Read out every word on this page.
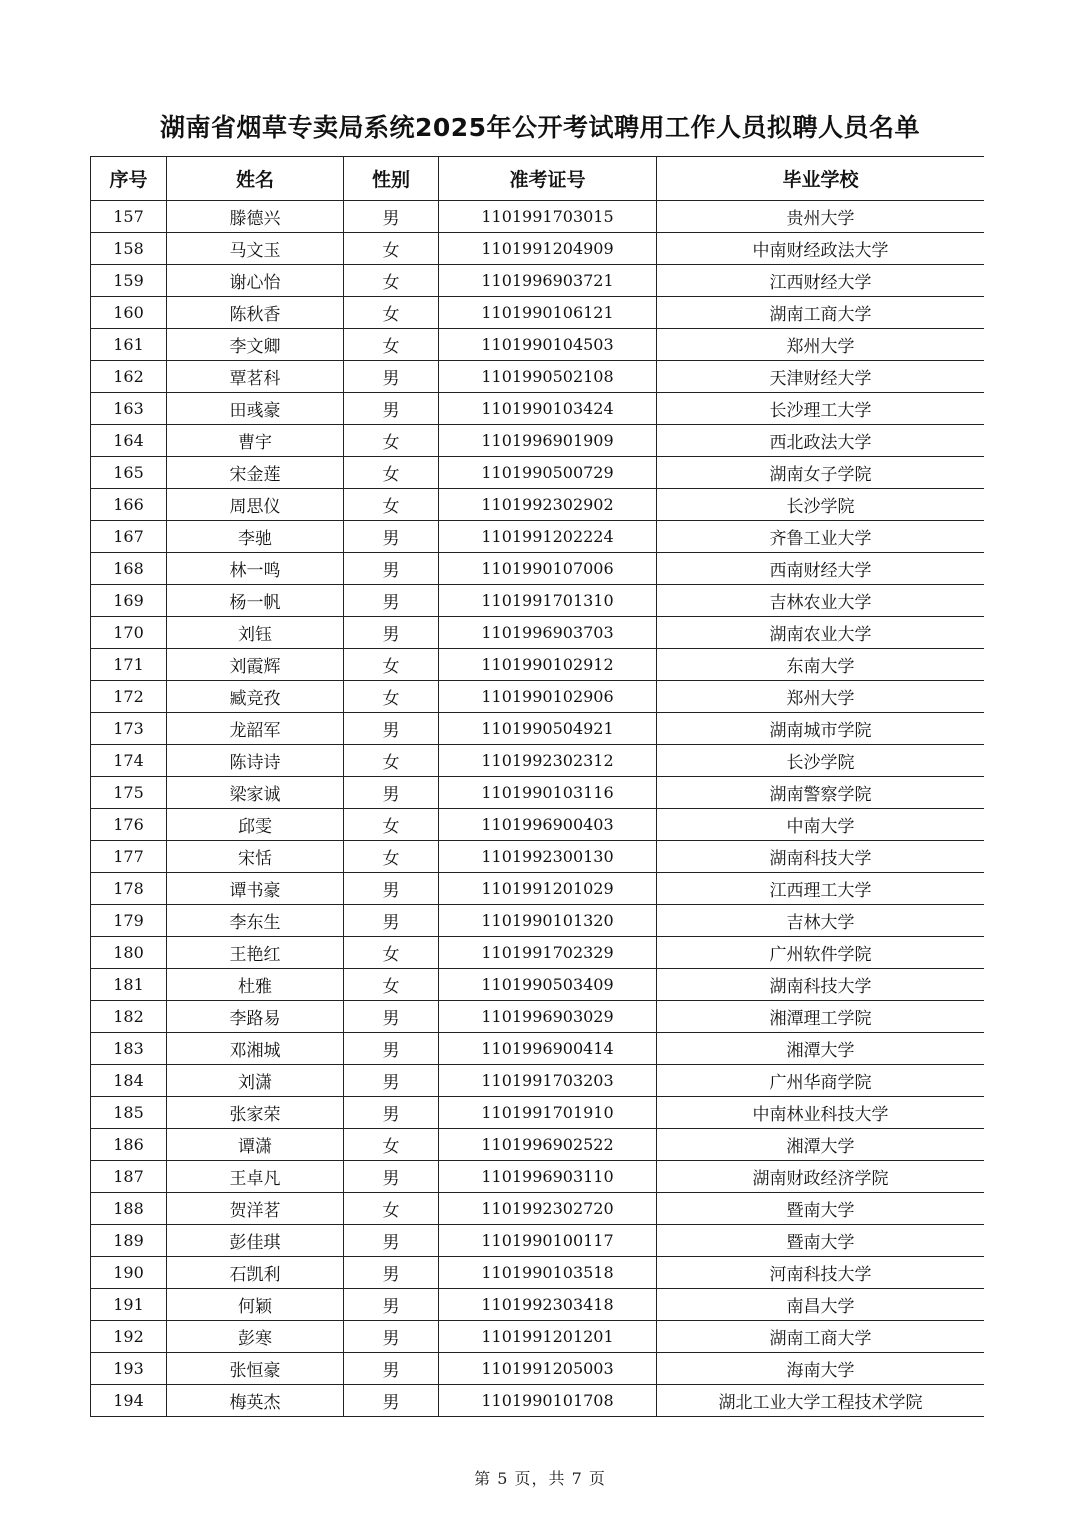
湖南省烟草专卖局系统2025年公开考试聘用工作人员拟聘人员名单
序号	姓名	性别	准考证号	毕业学校
157	滕德兴	男	1101991703015	贵州大学
158	马文玉	女	1101991204909	中南财经政法大学
159	谢心怡	女	1101996903721	江西财经大学
160	陈秋香	女	1101990106121	湖南工商大学
161	李文卿	女	1101990104503	郑州大学
162	覃茗科	男	1101990502108	天津财经大学
163	田彧豪	男	1101990103424	长沙理工大学
164	曹宇	女	1101996901909	西北政法大学
165	宋金莲	女	1101990500729	湖南女子学院
166	周思仪	女	1101992302902	长沙学院
167	李驰	男	1101991202224	齐鲁工业大学
168	林一鸣	男	1101990107006	西南财经大学
169	杨一帆	男	1101991701310	吉林农业大学
170	刘钰	男	1101996903703	湖南农业大学
171	刘霞辉	女	1101990102912	东南大学
172	臧竞孜	女	1101990102906	郑州大学
173	龙韶军	男	1101990504921	湖南城市学院
174	陈诗诗	女	1101992302312	长沙学院
175	梁家诚	男	1101990103116	湖南警察学院
176	邱雯	女	1101996900403	中南大学
177	宋恬	女	1101992300130	湖南科技大学
178	谭书豪	男	1101991201029	江西理工大学
179	李东生	男	1101990101320	吉林大学
180	王艳红	女	1101991702329	广州软件学院
181	杜雅	女	1101990503409	湖南科技大学
182	李路易	男	1101996903029	湘潭理工学院
183	邓湘城	男	1101996900414	湘潭大学
184	刘潇	男	1101991703203	广州华商学院
185	张家荣	男	1101991701910	中南林业科技大学
186	谭潇	女	1101996902522	湘潭大学
187	王卓凡	男	1101996903110	湖南财政经济学院
188	贺洋茗	女	1101992302720	暨南大学
189	彭佳琪	男	1101990100117	暨南大学
190	石凯利	男	1101990103518	河南科技大学
191	何颖	男	1101992303418	南昌大学
192	彭寒	男	1101991201201	湖南工商大学
193	张恒豪	男	1101991205003	海南大学
194	梅英杰	男	1101990101708	湖北工业大学工程技术学院
第 5 页，共 7 页
